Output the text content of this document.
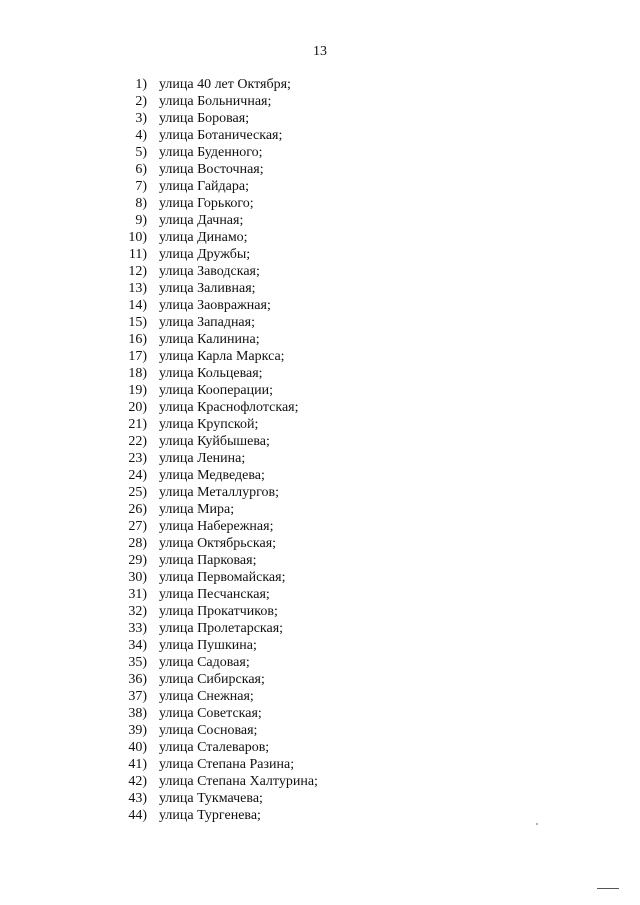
13
1) улица 40 лет Октября;
2) улица Больничная;
3) улица Боровая;
4) улица Ботаническая;
5) улица Буденного;
6) улица Восточная;
7) улица Гайдара;
8) улица Горького;
9) улица Дачная;
10) улица Динамо;
11) улица Дружбы;
12) улица Заводская;
13) улица Заливная;
14) улица Заовражная;
15) улица Западная;
16) улица Калинина;
17) улица Карла Маркса;
18) улица Кольцевая;
19) улица Кооперации;
20) улица Краснофлотская;
21) улица Крупской;
22) улица Куйбышева;
23) улица Ленина;
24) улица Медведева;
25) улица Металлургов;
26) улица Мира;
27) улица Набережная;
28) улица Октябрьская;
29) улица Парковая;
30) улица Первомайская;
31) улица Песчанская;
32) улица Прокатчиков;
33) улица Пролетарская;
34) улица Пушкина;
35) улица Садовая;
36) улица Сибирская;
37) улица Снежная;
38) улица Советская;
39) улица Сосновая;
40) улица Сталеваров;
41) улица Степана Разина;
42) улица Степана Халтурина;
43) улица Тукмачева;
44) улица Тургенева;
